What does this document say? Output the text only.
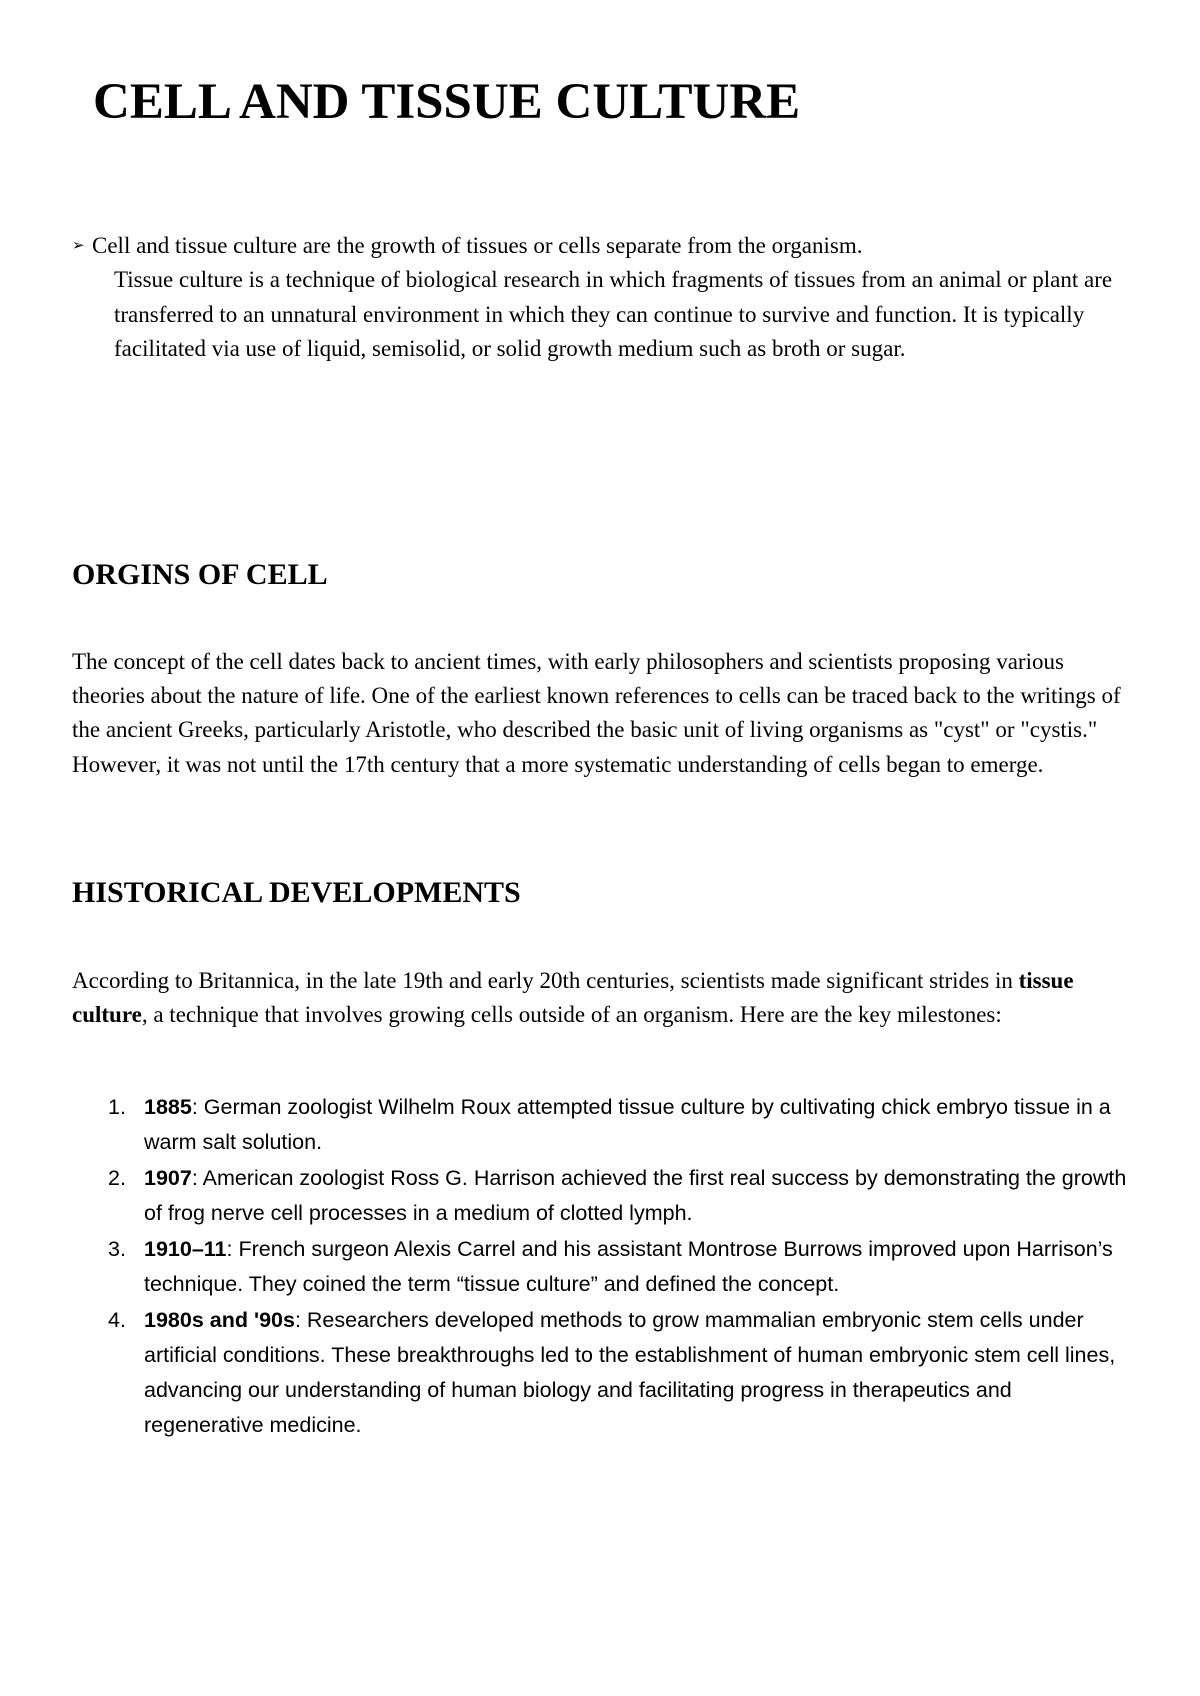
CELL AND TISSUE CULTURE
➢ Cell and tissue culture are the growth of tissues or cells separate from the organism.
Tissue culture is a technique of biological research in which fragments of tissues from an animal or plant are transferred to an unnatural environment in which they can continue to survive and function. It is typically facilitated via use of liquid, semisolid, or solid growth medium such as broth or sugar.
ORGINS OF CELL

The concept of the cell dates back to ancient times, with early philosophers and scientists proposing various theories about the nature of life. One of the earliest known references to cells can be traced back to the writings of the ancient Greeks, particularly Aristotle, who described the basic unit of living organisms as "cyst" or "cystis." However, it was not until the 17th century that a more systematic understanding of cells began to emerge.

HISTORICAL DEVELOPMENTS

According to Britannica, in the late 19th and early 20th centuries, scientists made significant strides in tissue culture, a technique that involves growing cells outside of an organism. Here are the key milestones:

1. 1885: German zoologist Wilhelm Roux attempted tissue culture by cultivating chick embryo tissue in a warm salt solution.
2. 1907: American zoologist Ross G. Harrison achieved the first real success by demonstrating the growth of frog nerve cell processes in a medium of clotted lymph.
3. 1910–11: French surgeon Alexis Carrel and his assistant Montrose Burrows improved upon Harrison’s technique. They coined the term “tissue culture” and defined the concept.
4. 1980s and '90s: Researchers developed methods to grow mammalian embryonic stem cells under artificial conditions. These breakthroughs led to the establishment of human embryonic stem cell lines, advancing our understanding of human biology and facilitating progress in therapeutics and regenerative medicine.
